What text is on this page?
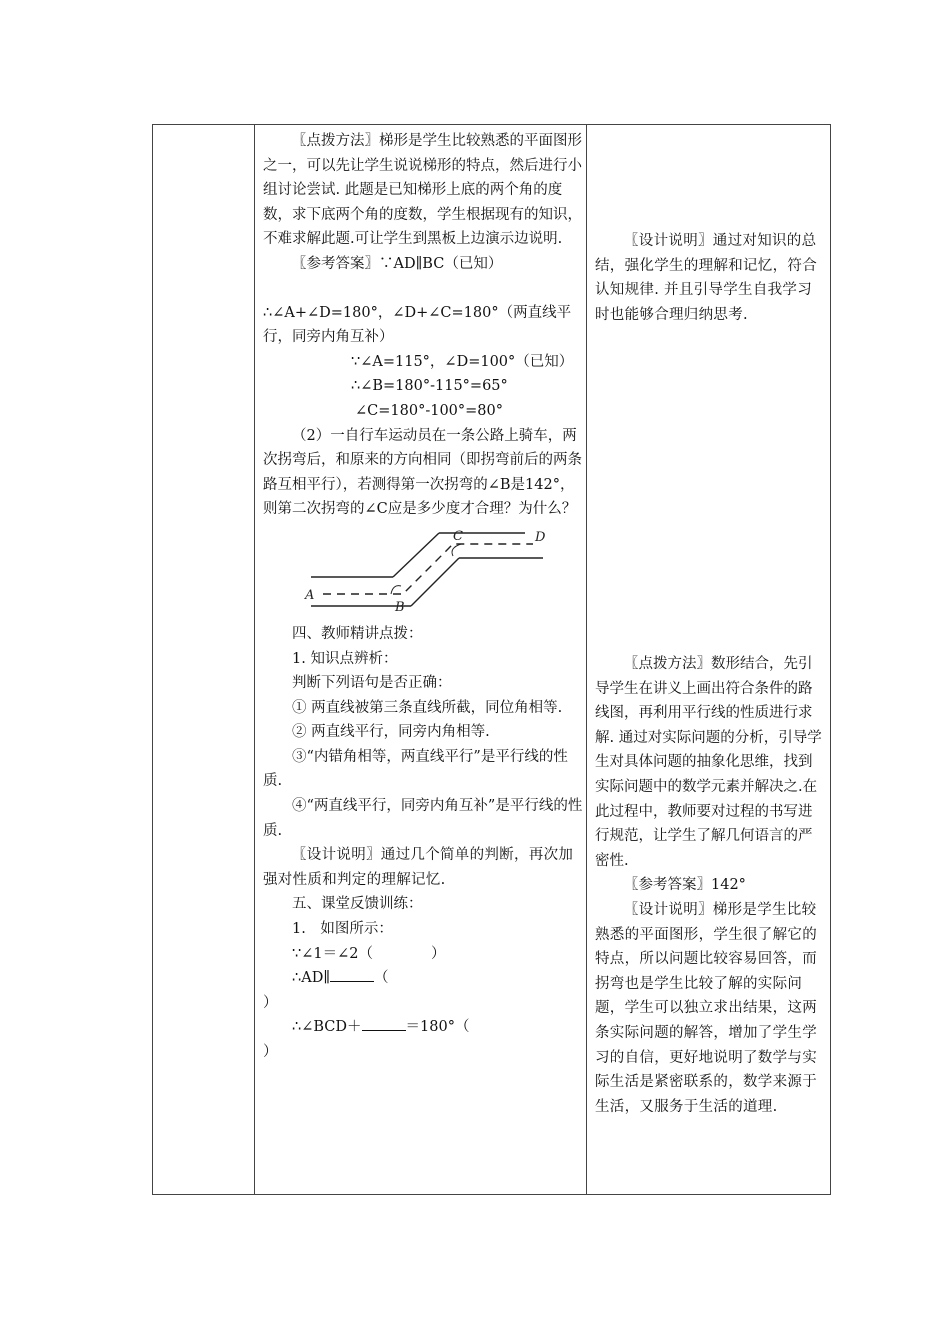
〖点拨方法〗梯形是学生比较熟悉的平面图形之一，可以先让学生说说梯形的特点，然后进行小组讨论尝试. 此题是已知梯形上底的两个角的度数，求下底两个角的度数，学生根据现有的知识，不难求解此题.可让学生到黑板上边演示边说明.

〖参考答案〗∵AD∥BC（已知）

∴∠A+∠D=180°，∠D+∠C=180°（两直线平行，同旁内角互补）

∵∠A=115°，∠D=100°（已知）

∴∠B=180°-115°=65°

∠C=180°-100°=80°

（2）一自行车运动员在一条公路上骑车，两次拐弯后，和原来的方向相同（即拐弯前后的两条路互相平行），若测得第一次拐弯的∠B是142°，则第二次拐弯的∠C应是多少度才合理？为什么？

A
B
C	D

四、教师精讲点拨：

1. 知识点辨析：

判断下列语句是否正确：

① 两直线被第三条直线所截，同位角相等.

② 两直线平行，同旁内角相等.

③“内错角相等，两直线平行”是平行线的性质.

④“两直线平行，同旁内角互补”是平行线的性质.

〖设计说明〗通过几个简单的判断，再次加强对性质和判定的理解记忆.

五、课堂反馈训练：

1.　如图所示：

∵∠1＝∠2（　　　　）

∴AD∥	（

）

∴∠BCD＋	＝180°（

）

〖设计说明〗通过对知识的总结，强化学生的理解和记忆，符合认知规律. 并且引导学生自我学习时也能够合理归纳思考.

〖点拨方法〗数形结合，先引导学生在讲义上画出符合条件的路线图，再利用平行线的性质进行求解. 通过对实际问题的分析，引导学生对具体问题的抽象化思维，找到实际问题中的数学元素并解决之.在此过程中，教师要对过程的书写进行规范，让学生了解几何语言的严密性.

〖参考答案〗142°

〖设计说明〗梯形是学生比较熟悉的平面图形，学生很了解它的特点，所以问题比较容易回答，而拐弯也是学生比较了解的实际问题，学生可以独立求出结果，这两条实际问题的解答，增加了学生学习的自信，更好地说明了数学与实际生活是紧密联系的，数学来源于生活，又服务于生活的道理.
